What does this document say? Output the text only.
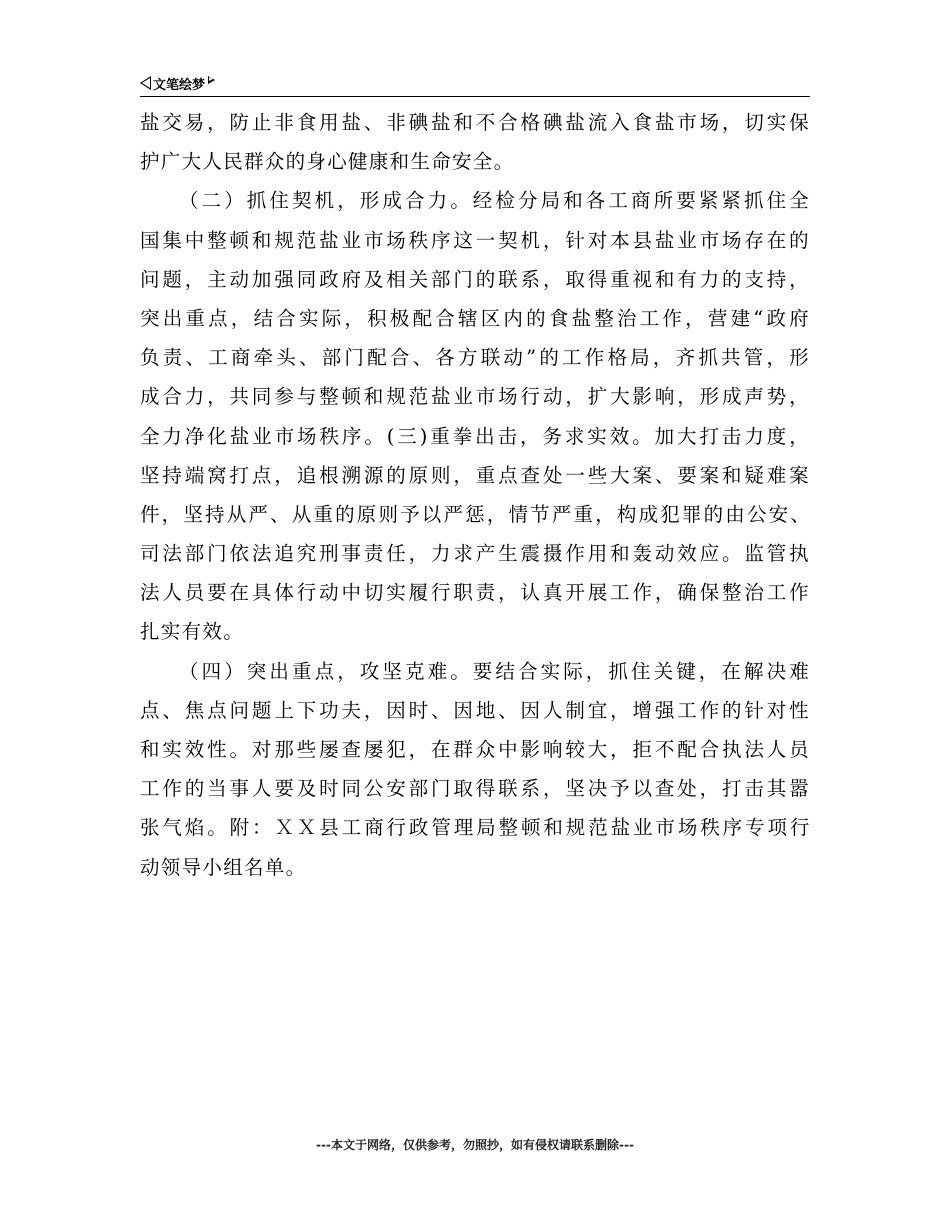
文笔绘梦
盐交易，防止非食用盐、非碘盐和不合格碘盐流入食盐市场，切实保
护广大人民群众的身心健康和生命安全。
（二）抓住契机，形成合力。经检分局和各工商所要紧紧抓住全
国集中整顿和规范盐业市场秩序这一契机，针对本县盐业市场存在的
问题，主动加强同政府及相关部门的联系，取得重视和有力的支持，
突出重点，结合实际，积极配合辖区内的食盐整治工作，营建“政府
负责、工商牵头、部门配合、各方联动”的工作格局，齐抓共管，形
成合力，共同参与整顿和规范盐业市场行动，扩大影响，形成声势，
全力净化盐业市场秩序。(三)重拳出击，务求实效。加大打击力度，
坚持端窝打点，追根溯源的原则，重点查处一些大案、要案和疑难案
件，坚持从严、从重的原则予以严惩，情节严重，构成犯罪的由公安、
司法部门依法追究刑事责任，力求产生震摄作用和轰动效应。监管执
法人员要在具体行动中切实履行职责，认真开展工作，确保整治工作
扎实有效。
（四）突出重点，攻坚克难。要结合实际，抓住关键，在解决难
点、焦点问题上下功夫，因时、因地、因人制宜，增强工作的针对性
和实效性。对那些屡查屡犯，在群众中影响较大，拒不配合执法人员
工作的当事人要及时同公安部门取得联系，坚决予以查处，打击其嚣
张气焰。附：ＸＸ县工商行政管理局整顿和规范盐业市场秩序专项行
动领导小组名单。
---本文于网络，仅供参考，勿照抄，如有侵权请联系删除---
